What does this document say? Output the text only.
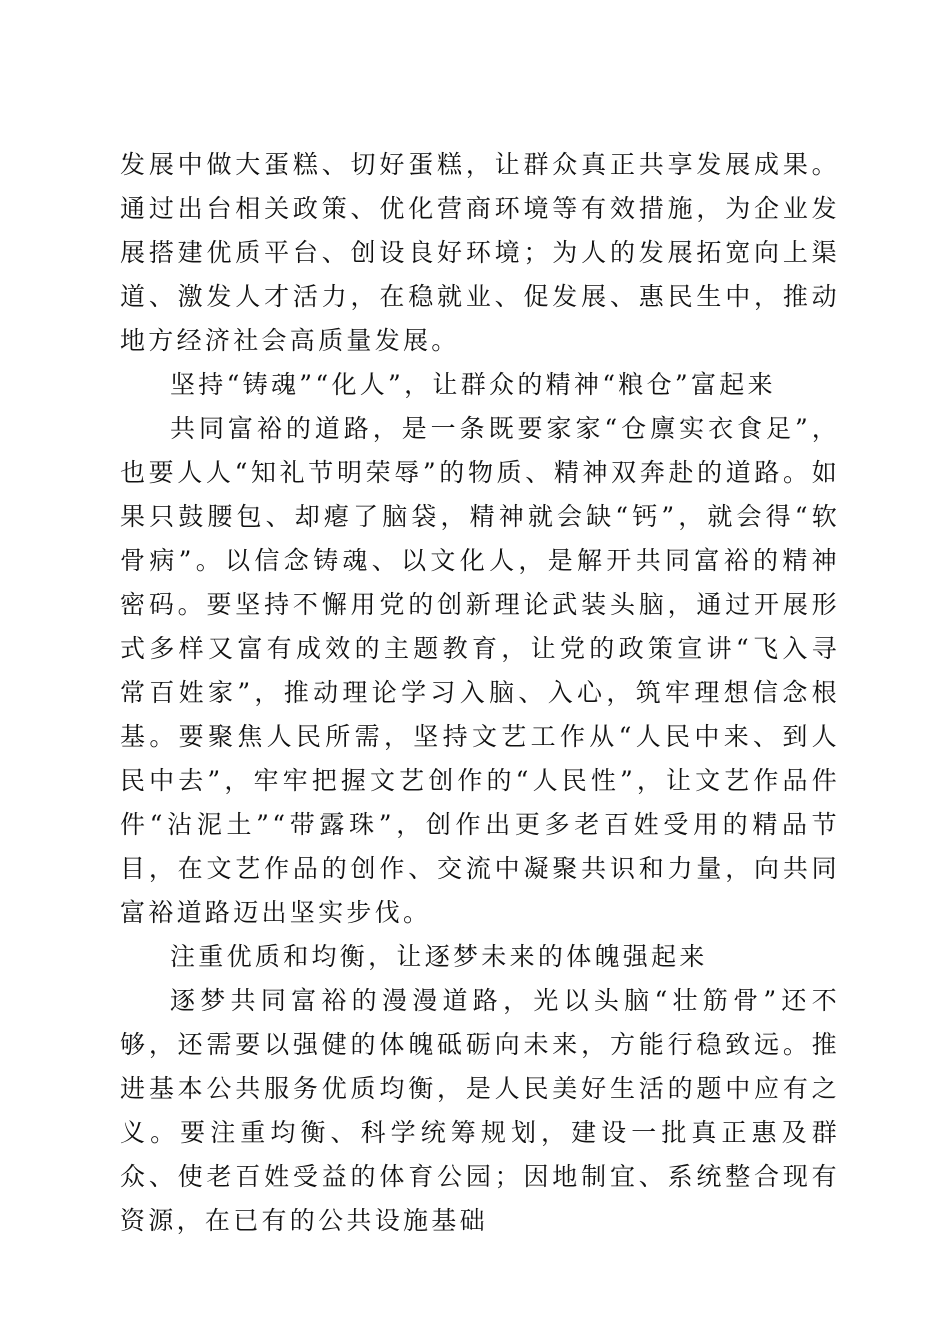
发展中做大蛋糕、切好蛋糕，让群众真正共享发展成果。通过出台相关政策、优化营商环境等有效措施，为企业发展搭建优质平台、创设良好环境；为人的发展拓宽向上渠道、激发人才活力，在稳就业、促发展、惠民生中，推动地方经济社会高质量发展。

坚持“铸魂”“化人”，让群众的精神“粮仓”富起来

共同富裕的道路，是一条既要家家“仓廪实衣食足”，也要人人“知礼节明荣辱”的物质、精神双奔赴的道路。如果只鼓腰包、却瘪了脑袋，精神就会缺“钙”，就会得“软骨病”。以信念铸魂、以文化人，是解开共同富裕的精神密码。要坚持不懈用党的创新理论武装头脑，通过开展形式多样又富有成效的主题教育，让党的政策宣讲“飞入寻常百姓家”，推动理论学习入脑、入心，筑牢理想信念根基。要聚焦人民所需，坚持文艺工作从“人民中来、到人民中去”，牢牢把握文艺创作的“人民性”，让文艺作品件件“沾泥土”“带露珠”，创作出更多老百姓受用的精品节目，在文艺作品的创作、交流中凝聚共识和力量，向共同富裕道路迈出坚实步伐。

注重优质和均衡，让逐梦未来的体魄强起来

逐梦共同富裕的漫漫道路，光以头脑“壮筋骨”还不够，还需要以强健的体魄砥砺向未来，方能行稳致远。推进基本公共服务优质均衡，是人民美好生活的题中应有之义。要注重均衡、科学统筹规划，建设一批真正惠及群众、使老百姓受益的体育公园；因地制宜、系统整合现有资源，在已有的公共设施基础
